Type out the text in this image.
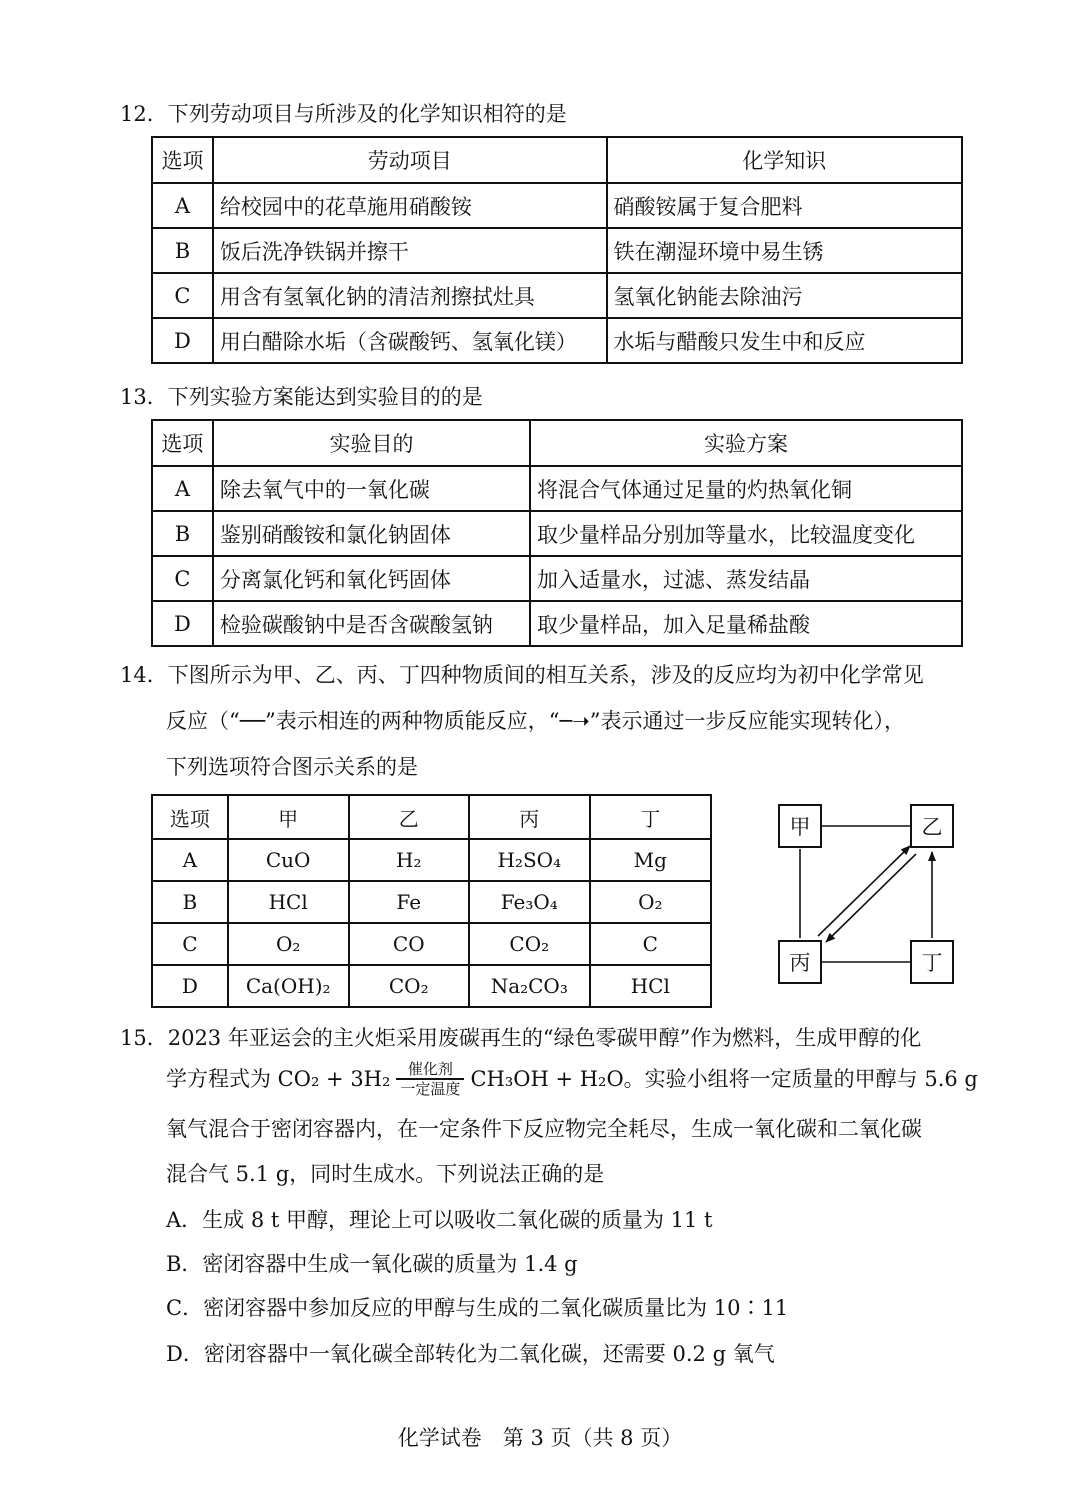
12．下列劳动项目与所涉及的化学知识相符的是
选项	劳动项目	化学知识
A	给校园中的花草施用硝酸铵	硝酸铵属于复合肥料
B	饭后洗净铁锅并擦干	铁在潮湿环境中易生锈
C	用含有氢氧化钠的清洁剂擦拭灶具	氢氧化钠能去除油污
D	用白醋除水垢（含碳酸钙、氢氧化镁）	水垢与醋酸只发生中和反应
13．下列实验方案能达到实验目的的是
选项	实验目的	实验方案
A	除去氧气中的一氧化碳	将混合气体通过足量的灼热氧化铜
B	鉴别硝酸铵和氯化钠固体	取少量样品分别加等量水，比较温度变化
C	分离氯化钙和氧化钙固体	加入适量水，过滤、蒸发结晶
D	检验碳酸钠中是否含碳酸氢钠	取少量样品，加入足量稀盐酸
14．下图所示为甲、乙、丙、丁四种物质间的相互关系，涉及的反应均为初中化学常见
反应（“──”表示相连的两种物质能反应，“─➝”表示通过一步反应能实现转化），
下列选项符合图示关系的是
选项	甲	乙	丙	丁
A	CuO	H₂	H₂SO₄	Mg
B	HCl	Fe	Fe₃O₄	O₂
C	O₂	CO	CO₂	C
D	Ca(OH)₂	CO₂	Na₂CO₃	HCl
甲	乙
丙	丁
15．2023 年亚运会的主火炬采用废碳再生的“绿色零碳甲醇”作为燃料，生成甲醇的化
学方程式为 $CO_2 + 3H_2 \frac{\text{催化剂}}{\text{一定温度}} CH_3OH + H_2O$。实验小组将一定质量的甲醇与 5.6 g
氧气混合于密闭容器内，在一定条件下反应物完全耗尽，生成一氧化碳和二氧化碳
混合气 5.1 g，同时生成水。下列说法正确的是
A．生成 8 t 甲醇，理论上可以吸收二氧化碳的质量为 11 t
B．密闭容器中生成一氧化碳的质量为 1.4 g
C．密闭容器中参加反应的甲醇与生成的二氧化碳质量比为 10∶11
D．密闭容器中一氧化碳全部转化为二氧化碳，还需要 0.2 g 氧气
化学试卷　第 3 页（共 8 页）
